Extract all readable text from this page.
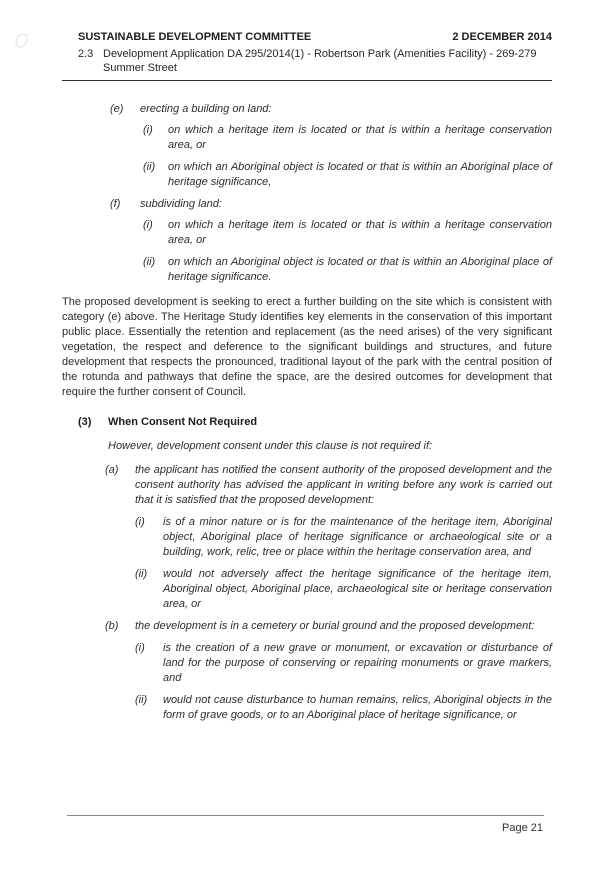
SUSTAINABLE DEVELOPMENT COMMITTEE	2 DECEMBER 2014
2.3 Development Application DA 295/2014(1) - Robertson Park (Amenities Facility) - 269-279 Summer Street
(e)	erecting a building on land:
(i)	on which a heritage item is located or that is within a heritage conservation area, or
(ii)	on which an Aboriginal object is located or that is within an Aboriginal place of heritage significance,
(f)	subdividing land:
(i)	on which a heritage item is located or that is within a heritage conservation area, or
(ii)	on which an Aboriginal object is located or that is within an Aboriginal place of heritage significance.
The proposed development is seeking to erect a further building on the site which is consistent with category (e) above. The Heritage Study identifies key elements in the conservation of this important public place. Essentially the retention and replacement (as the need arises) of the very significant vegetation, the respect and deference to the significant buildings and structures, and future development that respects the pronounced, traditional layout of the park with the central position of the rotunda and pathways that define the space, are the desired outcomes for development that require the further consent of Council.
(3)	When Consent Not Required
However, development consent under this clause is not required if:
(a)	the applicant has notified the consent authority of the proposed development and the consent authority has advised the applicant in writing before any work is carried out that it is satisfied that the proposed development:
(i)	is of a minor nature or is for the maintenance of the heritage item, Aboriginal object, Aboriginal place of heritage significance or archaeological site or a building, work, relic, tree or place within the heritage conservation area, and
(ii)	would not adversely affect the heritage significance of the heritage item, Aboriginal object, Aboriginal place, archaeological site or heritage conservation area, or
(b)	the development is in a cemetery or burial ground and the proposed development:
(i)	is the creation of a new grave or monument, or excavation or disturbance of land for the purpose of conserving or repairing monuments or grave markers, and
(ii)	would not cause disturbance to human remains, relics, Aboriginal objects in the form of grave goods, or to an Aboriginal place of heritage significance, or
Page 21
